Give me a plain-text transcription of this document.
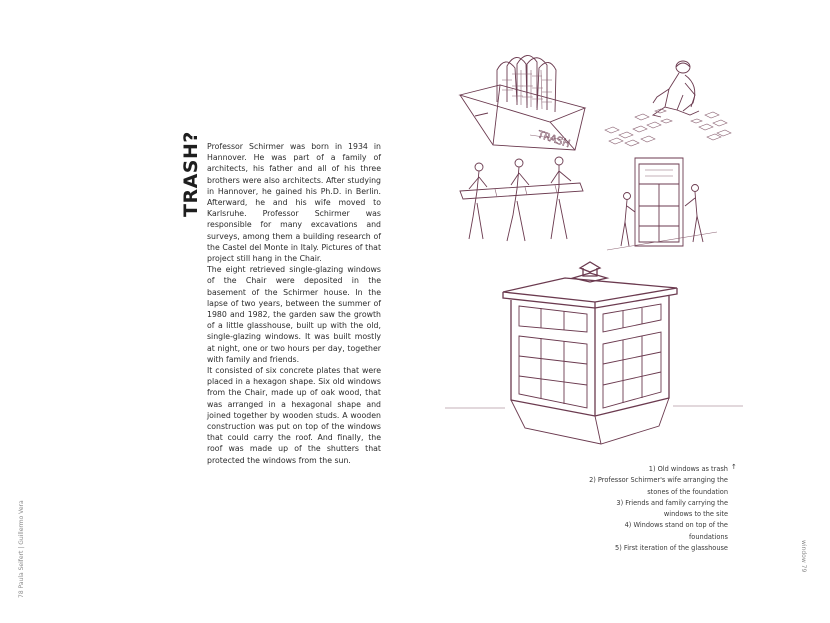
TRASH? Professor Schirmer was born in 1934 in Hannover. He was part of a family of architects, his father and all of his three brothers were also architects. After studying in Hannover, he gained his Ph.D. in Berlin. Afterward, he and his wife moved to Karlsruhe. Professor Schirmer was responsible for many excavations and surveys, among them a building research of the Castel del Monte in Italy. Pictures of that project still hang in the Chair.

The eight retrieved single-glazing windows of the Chair were deposited in the basement of the Schirmer house. In the lapse of two years, between the summer of 1980 and 1982, the garden saw the growth of a little glasshouse, built up with the old, single-glazing windows. It was built mostly at night, one or two hours per day, together with family and friends.

It consisted of six concrete plates that were placed in a hexagon shape. Six old windows from the Chair, made up of oak wood, that was arranged in a hexagonal shape and joined together by wooden studs. A wooden construction was put on top of the windows that could carry the roof. And finally, the roof was made up of the shutters that protected the windows from the sun.

TRASH
1) Old windows as trash
2) Professor Schirmer's wife arranging the
stones of the foundation
3) Friends and family carrying the
windows to the site
4) Windows stand on top of the
foundations
5) First iteration of the glasshouse
↑
78 Paula Seifert | Guillermo Vera	window 79
